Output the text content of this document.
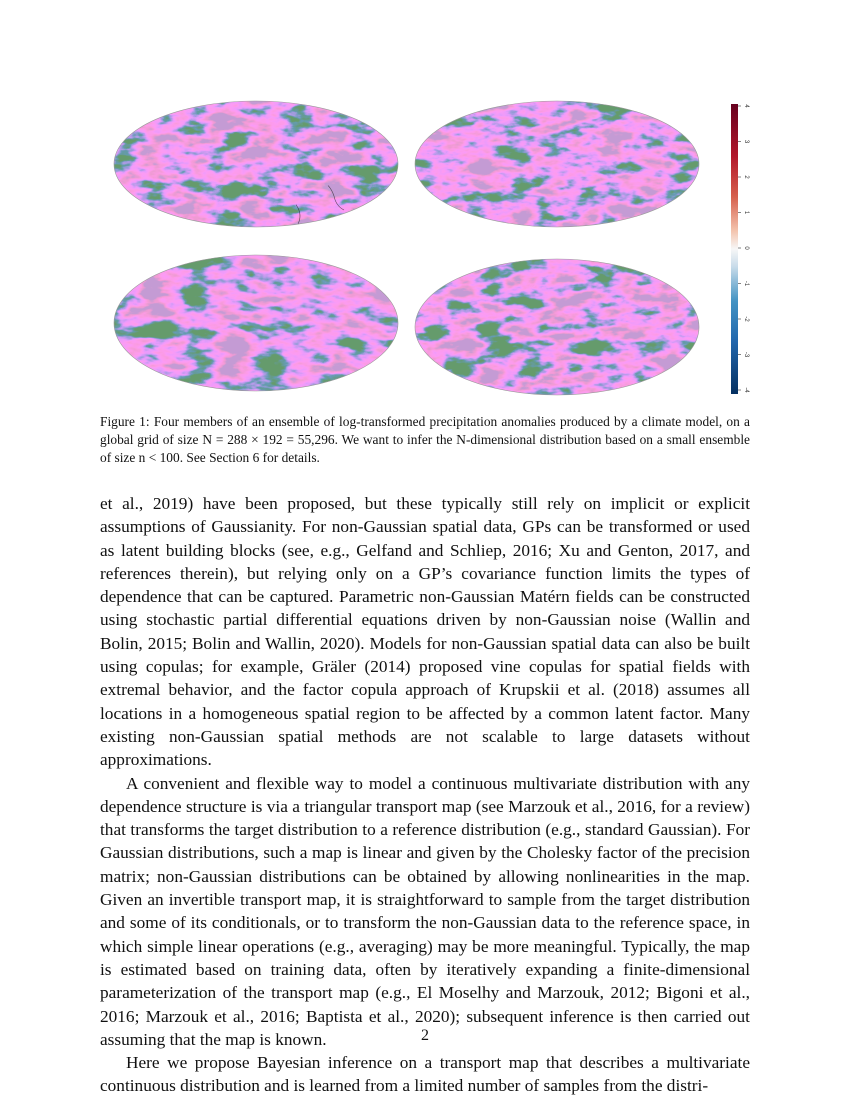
4
3
2
1
0
-1
-2
-3
-4

Figure 1: Four members of an ensemble of log-transformed precipitation anomalies produced by a climate model, on a global grid of size N = 288 × 192 = 55,296. We want to infer the N-dimensional distribution based on a small ensemble of size n < 100. See Section 6 for details.

et al., 2019) have been proposed, but these typically still rely on implicit or explicit assumptions of Gaussianity. For non-Gaussian spatial data, GPs can be transformed or used as latent building blocks (see, e.g., Gelfand and Schliep, 2016; Xu and Genton, 2017, and references therein), but relying only on a GP’s covariance function limits the types of dependence that can be captured. Parametric non-Gaussian Matérn fields can be constructed using stochastic partial differential equations driven by non-Gaussian noise (Wallin and Bolin, 2015; Bolin and Wallin, 2020). Models for non-Gaussian spatial data can also be built using copulas; for example, Gräler (2014) proposed vine copulas for spatial fields with extremal behavior, and the factor copula approach of Krupskii et al. (2018) assumes all locations in a homogeneous spatial region to be affected by a common latent factor. Many existing non-Gaussian spatial methods are not scalable to large datasets without approximations.

A convenient and flexible way to model a continuous multivariate distribution with any dependence structure is via a triangular transport map (see Marzouk et al., 2016, for a review) that transforms the target distribution to a reference distribution (e.g., standard Gaussian). For Gaussian distributions, such a map is linear and given by the Cholesky factor of the precision matrix; non-Gaussian distributions can be obtained by allowing nonlinearities in the map. Given an invertible transport map, it is straightforward to sample from the target distribution and some of its conditionals, or to transform the non-Gaussian data to the reference space, in which simple linear operations (e.g., averaging) may be more meaningful. Typically, the map is estimated based on training data, often by iteratively expanding a finite-dimensional parameterization of the transport map (e.g., El Moselhy and Marzouk, 2012; Bigoni et al., 2016; Marzouk et al., 2016; Baptista et al., 2020); subsequent inference is then carried out assuming that the map is known.

Here we propose Bayesian inference on a transport map that describes a multivariate continuous distribution and is learned from a limited number of samples from the distri-

2
